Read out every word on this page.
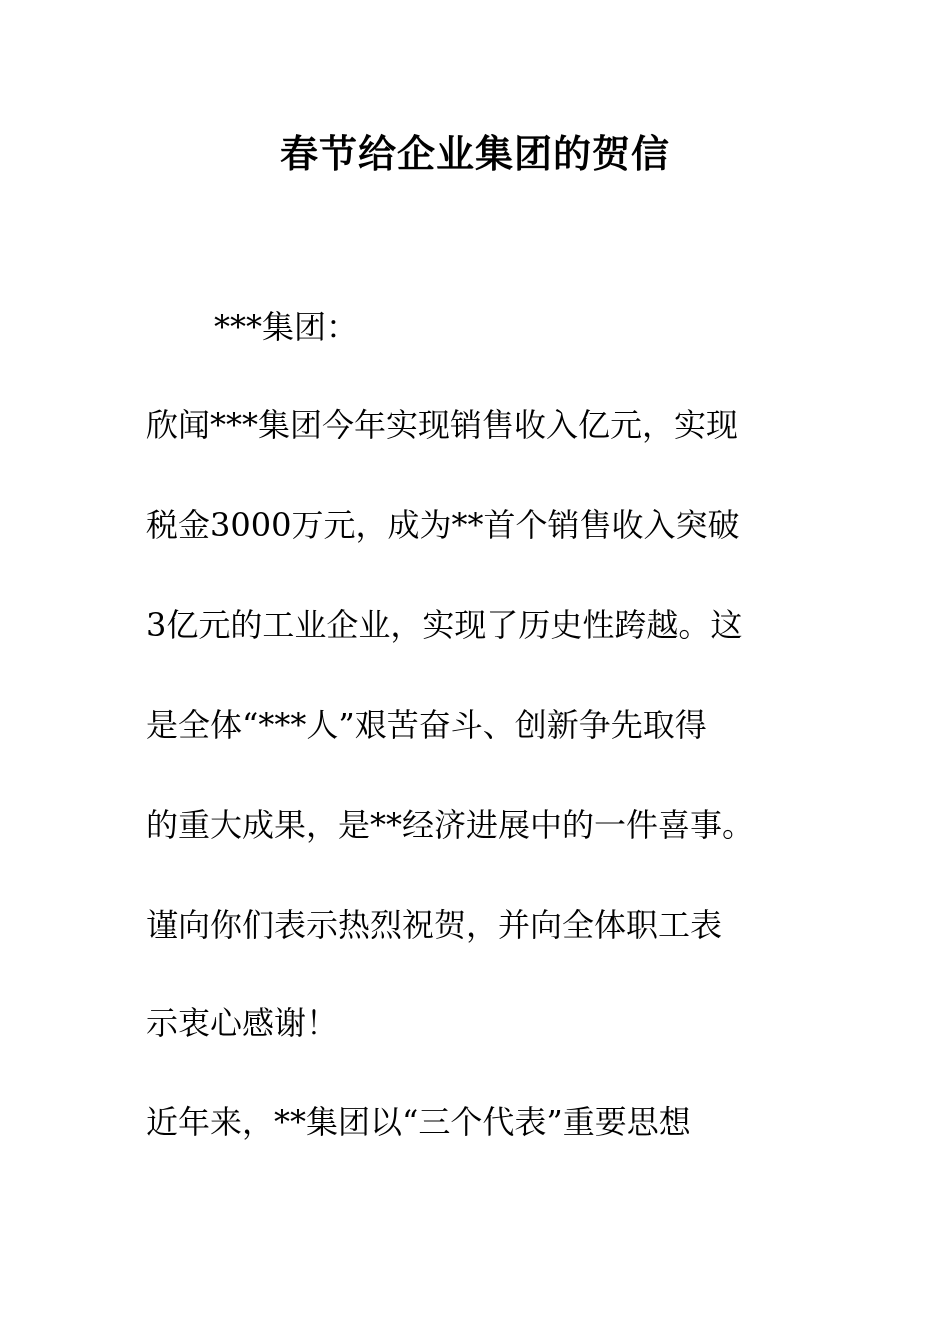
春节给企业集团的贺信
***集团：
欣闻***集团今年实现销售收入亿元，实现
税金3000万元，成为**首个销售收入突破
3亿元的工业企业，实现了历史性跨越。这
是全体“***人”艰苦奋斗、创新争先取得
的重大成果，是**经济进展中的一件喜事。
谨向你们表示热烈祝贺，并向全体职工表
示衷心感谢！
近年来，**集团以“三个代表”重要思想
